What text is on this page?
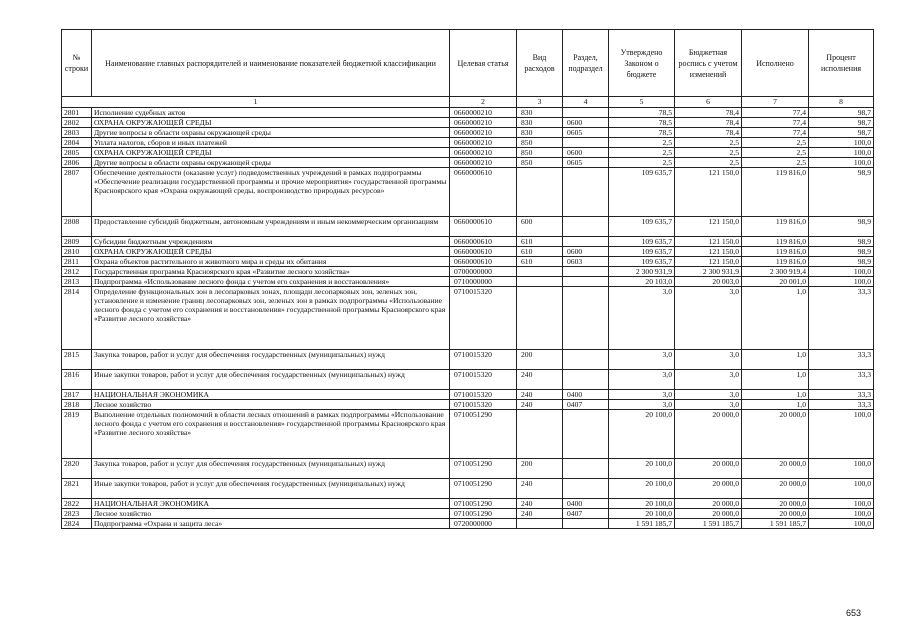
№ строки	Наименование главных распорядителей и наименование показателей бюджетной классификации	Целевая статья	Вид расходов	Раздел, подраздел	Утверждено Законом о бюджете	Бюджетная роспись с учетом изменений	Исполнено	Процент исполнения
1		2	3	4	5	6	7	8
2801	Исполнение судебных актов	0660000210	830		78,5	78,4	77,4	98,7
2802	ОХРАНА ОКРУЖАЮЩЕЙ СРЕДЫ	0660000210	830	0600	78,5	78,4	77,4	98,7
2803	Другие вопросы в области охраны окружающей среды	0660000210	830	0605	78,5	78,4	77,4	98,7
2804	Уплата налогов, сборов и иных платежей	0660000210	850		2,5	2,5	2,5	100,0
2805	ОХРАНА ОКРУЖАЮЩЕЙ СРЕДЫ	0660000210	850	0600	2,5	2,5	2,5	100,0
2806	Другие вопросы в области охраны окружающей среды	0660000210	850	0605	2,5	2,5	2,5	100,0
2807	Обеспечение деятельности (оказание услуг) подведомственных учреждений в рамках подпрограммы «Обеспечение реализации государственной программы и прочие мероприятия» государственной программы Красноярского края «Охрана окружающей среды, воспроизводство природных ресурсов»	0660000610			109 635,7	121 150,0	119 816,0	98,9
2808	Предоставление субсидий бюджетным, автономным учреждениям и иным некоммерческим организациям	0660000610	600		109 635,7	121 150,0	119 816,0	98,9
2809	Субсидии бюджетным учреждениям	0660000610	610		109 635,7	121 150,0	119 816,0	98,9
2810	ОХРАНА ОКРУЖАЮЩЕЙ СРЕДЫ	0660000610	610	0600	109 635,7	121 150,0	119 816,0	98,9
2811	Охрана объектов растительного и животного мира и среды их обитания	0660000610	610	0603	109 635,7	121 150,0	119 816,0	98,9
2812	Государственная программа Красноярского края «Развитие лесного хозяйства»	0700000000			2 300 931,9	2 300 931,9	2 300 919,4	100,0
2813	Подпрограмма «Использование лесного фонда с учетом его сохранения и восстановления»	0710000000			20 103,0	20 003,0	20 001,0	100,0
2814	Определение функциональных зон в лесопарковых зонах, площади лесопарковых зон, зеленых зон, установление и изменение границ лесопарковых зон, зеленых зон в рамках подпрограммы «Использование лесного фонда с учетом его сохранения и восстановления» государственной программы Красноярского края «Развитие лесного хозяйства»	0710015320			3,0	3,0	1,0	33,3
2815	Закупка товаров, работ и услуг для обеспечения государственных (муниципальных) нужд	0710015320	200		3,0	3,0	1,0	33,3
2816	Иные закупки товаров, работ и услуг для обеспечения государственных (муниципальных) нужд	0710015320	240		3,0	3,0	1,0	33,3
2817	НАЦИОНАЛЬНАЯ ЭКОНОМИКА	0710015320	240	0400	3,0	3,0	1,0	33,3
2818	Лесное хозяйство	0710015320	240	0407	3,0	3,0	1,0	33,3
2819	Выполнение отдельных полномочий в области лесных отношений в рамках подпрограммы «Использование лесного фонда с учетом его сохранения и восстановления» государственной программы Красноярского края «Развитие лесного хозяйства»	0710051290			20 100,0	20 000,0	20 000,0	100,0
2820	Закупка товаров, работ и услуг для обеспечения государственных (муниципальных) нужд	0710051290	200		20 100,0	20 000,0	20 000,0	100,0
2821	Иные закупки товаров, работ и услуг для обеспечения государственных (муниципальных) нужд	0710051290	240		20 100,0	20 000,0	20 000,0	100,0
2822	НАЦИОНАЛЬНАЯ ЭКОНОМИКА	0710051290	240	0400	20 100,0	20 000,0	20 000,0	100,0
2823	Лесное хозяйство	0710051290	240	0407	20 100,0	20 000,0	20 000,0	100,0
2824	Подпрограмма «Охрана и защита леса»	0720000000			1 591 185,7	1 591 185,7	1 591 185,7	100,0
653
